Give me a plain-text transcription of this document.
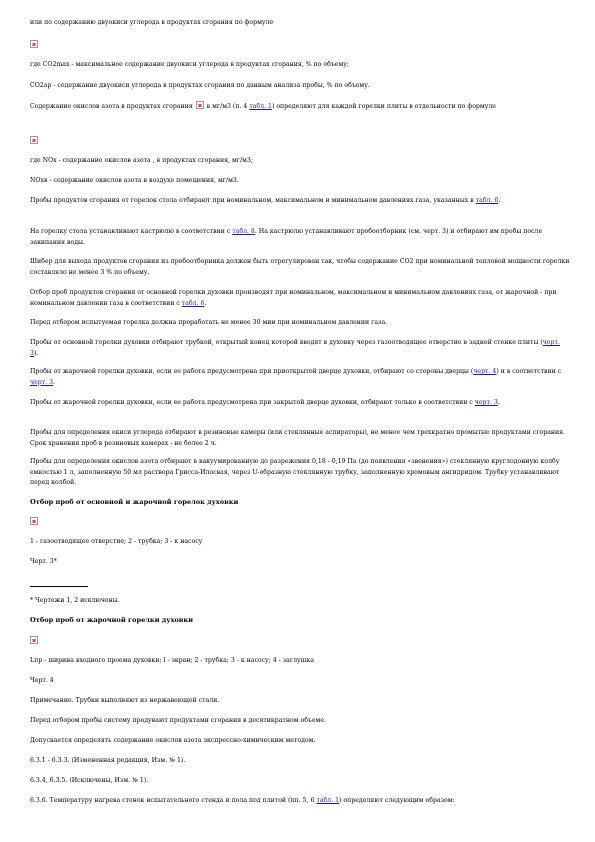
или по содержанию двуокиси углерода в продуктах сгорания по формуле

где CO2max - максимальное содержание двуокиси углерода в продуктах сгорания, % по объему;

CO2ap - содержание двуокиси углерода в продуктах сгорания по данным анализа пробы, % по объему.

Содержание окислов азота в продуктах сгорания в мг/м3 (п. 4 табл. 1) определяют для каждой горелки плиты в отдельности по формуле

где NOx - содержание окислов азота , в продуктах сгорания, мг/м3;

NOxв - содержание окислов азота в воздухе помещения, мг/м3.

Пробы продуктов сгорания от горелок стола отбирают при номинальном, максимальном и минимальном давлениях газа, указанных в табл. 6.

На горелку стола устанавливают кастрюлю в соответствии с табл. 8. На кастрюлю устанавливают пробоотборник (см. черт. 3) и отбирают им пробы после закипания воды.

Шибер для выхода продуктов сгорания из пробоотборника должен быть отрегулирован так, чтобы содержание CO2 при номинальной тепловой мощности горелки составляло не менее 3 % по объему.

Отбор проб продуктов сгорания от основной горелки духовки производят при номинальном, максимальном и минимальном давлениях газа, от жарочной - при номинальном давлении газа в соответствии с табл. 6.

Перед отбором испытуемая горелка должна проработать не менее 30 мин при номинальном давлении газа.

Пробы от основной горелки духовки отбирают трубкой, открытый конец которой вводят в духовку через газоотводящее отверстие в задней стенке плиты (черт. 3).

Пробы от жарочной горелки духовки, если ее работа предусмотрена при приоткрытой дверце духовки, отбирают со стороны дверцы (черт. 4) и в соответствии с черт. 3.

Пробы от жарочной горелки духовки, если ее работа предусмотрена при закрытой дверце духовки, отбирают только в соответствии с черт. 3.

Пробы для определения окиси углерода отбирают в резиновые камеры (или стеклянные аспираторы), не менее чем трехкратно промытые продуктами сгорания. Срок хранения проб в резиновых камерах - не более 2 ч.

Пробы для определения окислов азота отбирают в вакуумированную до разрежения 0,18 - 0,19 Па (до появления «звенения») стеклянную круглодонную колбу емкостью 1 л, заполненную 50 мл раствора Грисса-Илосвая, через U-образную стеклянную трубку, заполненную хромовым ангидридом. Трубку устанавливают перед колбой.

Отбор проб от основной и жарочной горелок духовки

1 - газоотводящее отверстие; 2 - трубка; 3 - к насосу

Черт. 3*

* Чертежи 1, 2 исключены.

Отбор проб от жарочной горелки духовки

Lпр - ширина входного проема духовки; l - экран; 2 - трубка; 3 - к насосу; 4 - заглушка

Черт. 4

Примечание. Трубки выполняют из нержавеющей стали.

Перед отбором пробы систему продувают продуктами сгорания в десятикратном объеме.

Допускается определять содержание окислов азота экспрессно-химическим методом.

6.3.1 - 6.3.3. (Измененная редакция, Изм. № 1).

6.3.4, 6.3.5. (Исключены, Изм. № 1).

6.3.6. Температуру нагрева стенок испытательного стенда и пола под плитой (пп. 5, 6 табл. 1) определяют следующим образом:
